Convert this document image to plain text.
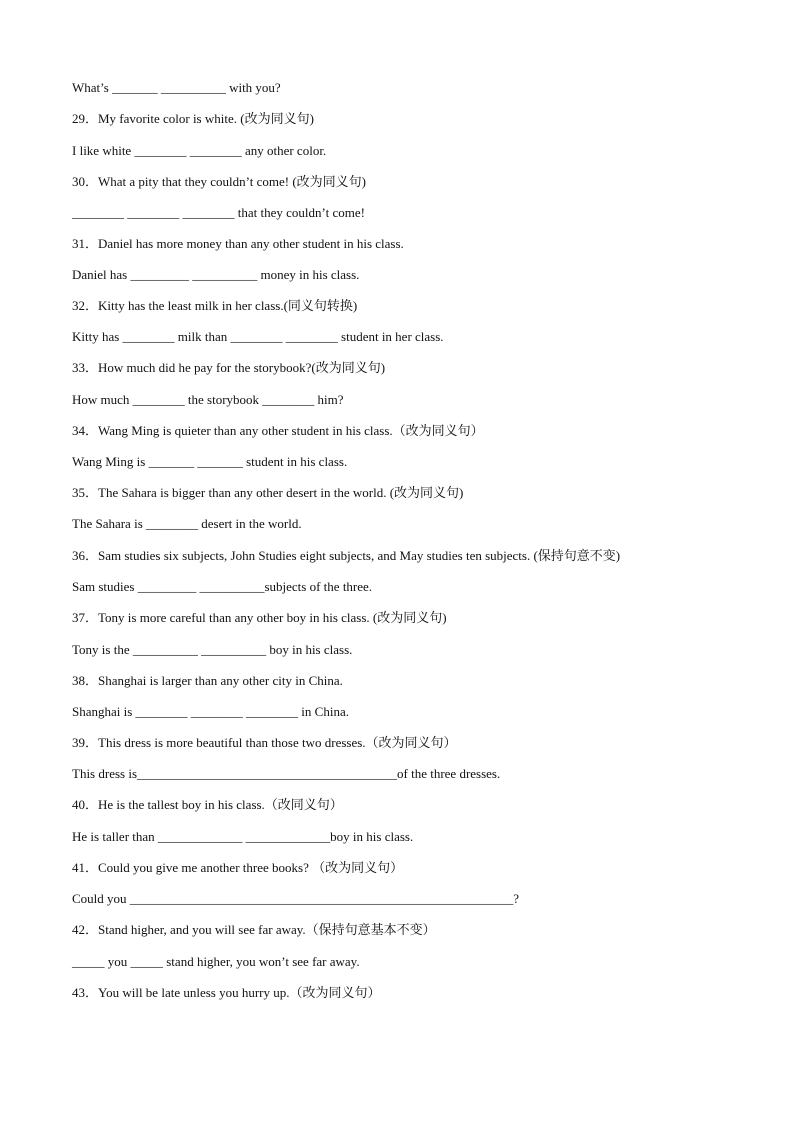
What’s _______ __________ with you?
29．My favorite color is white. (改为同义句)
I like white ________ ________ any other color.
30．What a pity that they couldn’t come! (改为同义句)
________ ________ ________ that they couldn’t come!
31．Daniel has more money than any other student in his class.
Daniel has _________ __________ money in his class.
32．Kitty has the least milk in her class.(同义句转换)
Kitty has ________ milk than ________ ________ student in her class.
33．How much did he pay for the storybook?(改为同义句)
How much ________ the storybook ________ him?
34．Wang Ming is quieter than any other student in his class.（改为同义句）
Wang Ming is _______ _______ student in his class.
35．The Sahara is bigger than any other desert in the world. (改为同义句)
The Sahara is ________ desert in the world.
36．Sam studies six subjects, John Studies eight subjects, and May studies ten subjects. (保持句意不变)
Sam studies _________ __________subjects of the three.
37．Tony is more careful than any other boy in his class. (改为同义句)
Tony is the __________ __________ boy in his class.
38．Shanghai is larger than any other city in China.
Shanghai is ________ ________ ________ in China.
39．This dress is more beautiful than those two dresses.（改为同义句）
This dress is________________________________________of the three dresses.
40．He is the tallest boy in his class.（改同义句）
He is taller than _____________ _____________boy in his class.
41．Could you give me another three books? （改为同义句）
Could you ___________________________________________________________?
42．Stand higher, and you will see far away.（保持句意基本不变）
_____ you _____ stand higher, you won’t see far away.
43．You will be late unless you hurry up.（改为同义句）
